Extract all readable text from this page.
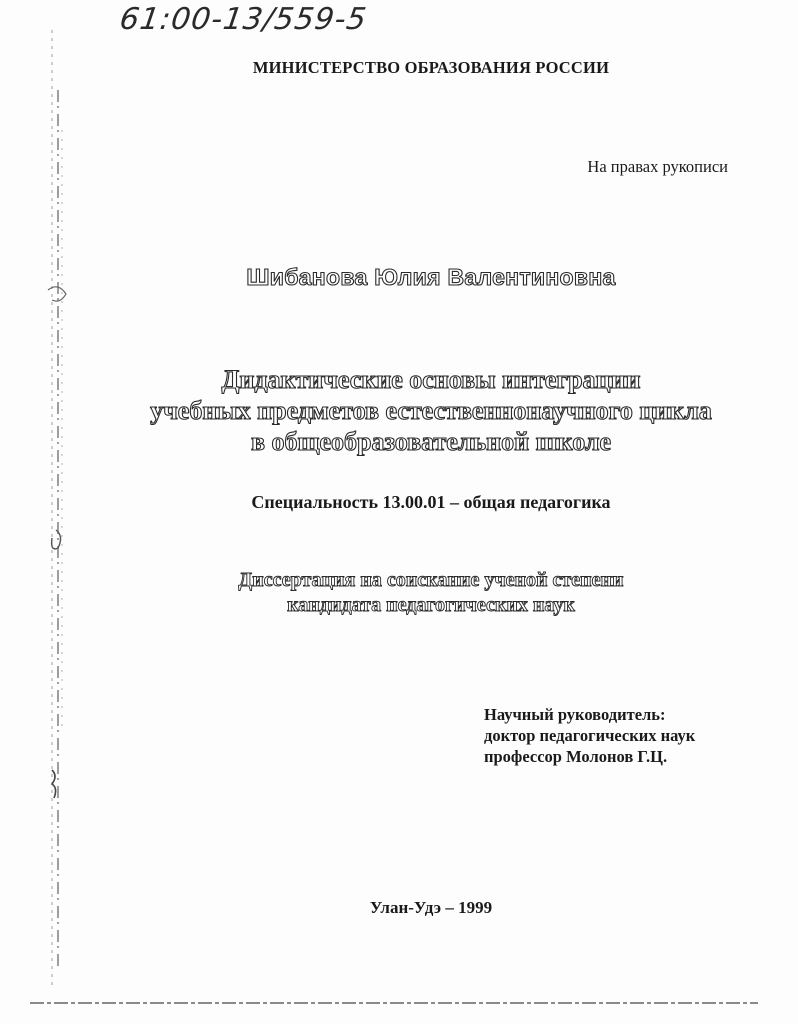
61:00-13/559-5
МИНИСТЕРСТВО ОБРАЗОВАНИЯ РОССИИ
На правах рукописи
Шибанова Юлия Валентиновна
Дидактические основы интеграции
учебных предметов естественнонаучного цикла
в общеобразовательной школе
Специальность 13.00.01 – общая педагогика
Диссертация на соискание ученой степени
кандидата педагогических наук
Научный руководитель:
доктор педагогических наук
профессор Молонов Г.Ц.
Улан-Удэ – 1999
